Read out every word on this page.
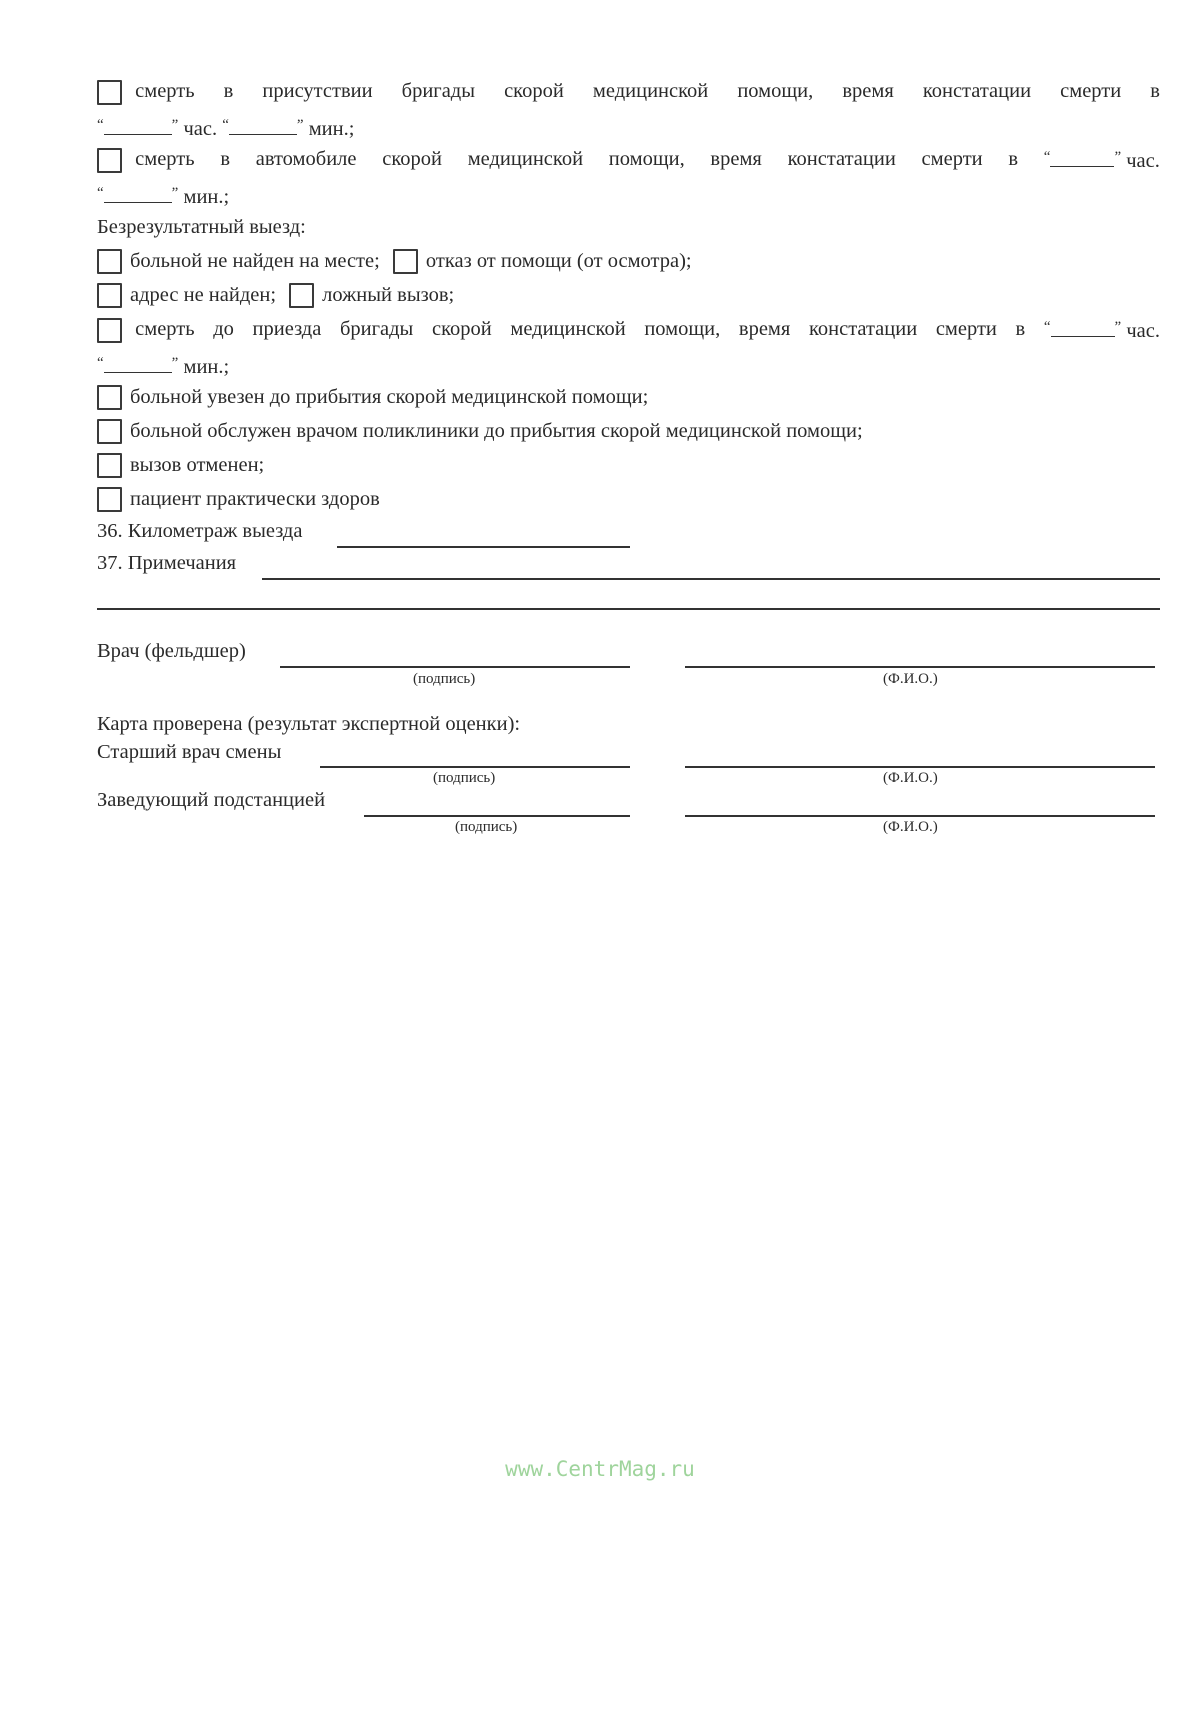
смерть в присутствии бригады скорой медицинской помощи, время констатации смерти в
“	” час. “	” мин.;
смерть в автомобиле скорой медицинской помощи, время констатации смерти в “	” час.
“	” мин.;
Безрезультатный выезд:
больной не найден на месте;
отказ от помощи (от осмотра);
адрес не найден;
ложный вызов;
смерть до приезда бригады скорой медицинской помощи, время констатации смерти в “	” час.
“	” мин.;
больной увезен до прибытия скорой медицинской помощи;
больной обслужен врачом поликлиники до прибытия скорой медицинской помощи;
вызов отменен;
пациент практически здоров
36. Километраж выезда
37. Примечания
Врач (фельдшер)
(подпись)	(Ф.И.О.)
Карта проверена (результат экспертной оценки):
Старший врач смены
(подпись)	(Ф.И.О.)
Заведующий подстанцией
(подпись)	(Ф.И.О.)
www.CentrMag.ru
